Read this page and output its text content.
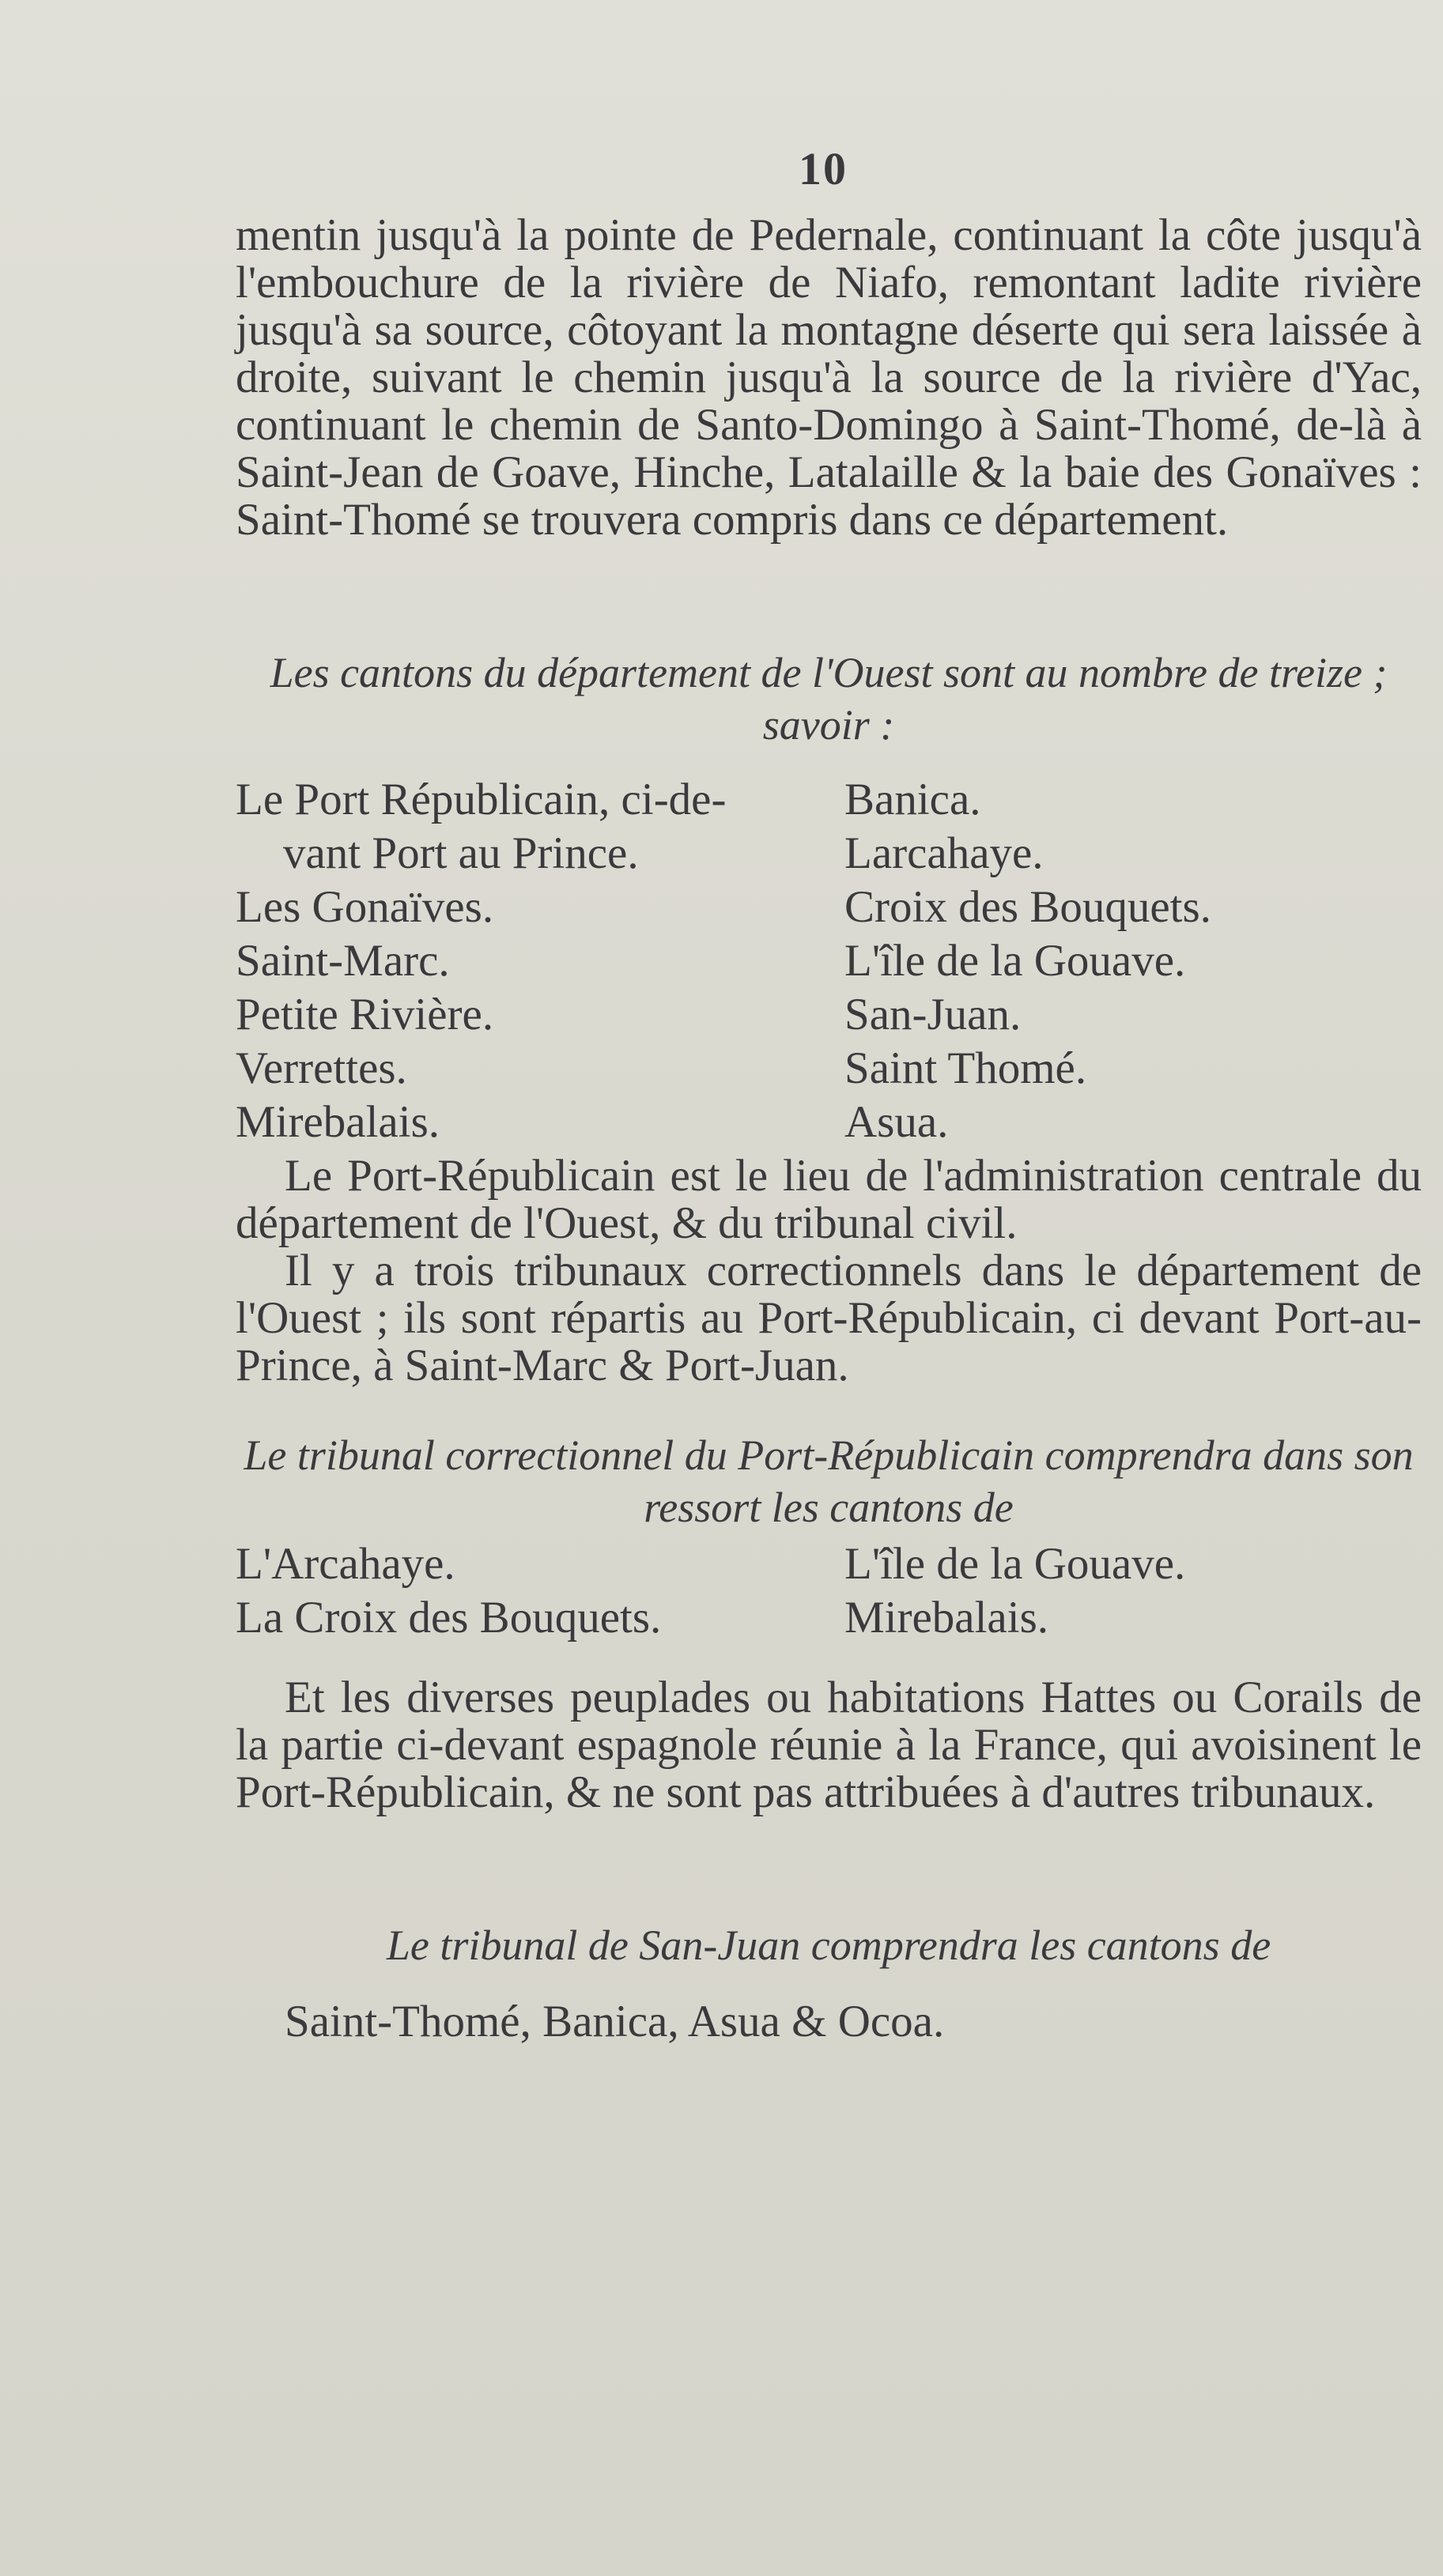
10

mentin jusqu'à la pointe de Pedernale, continuant la côte jusqu'à l'embouchure de la rivière de Niafo, remontant ladite rivière jusqu'à sa source, côtoyant la montagne déserte qui sera laissée à droite, suivant le chemin jusqu'à la source de la rivière d'Yac, continuant le chemin de Santo-Domingo à Saint-Thomé, de-là à Saint-Jean de Goave, Hinche, Latalaille & la baie des Gonaïves : Saint-Thomé se trouvera compris dans ce département.

Les cantons du département de l'Ouest sont au nombre de treize ; savoir :

Le Port Républicain, ci-de-

vant Port au Prince.

Les Gonaïves.

Saint-Marc.

Petite Rivière.

Verrettes.

Mirebalais.

Banica.

Larcahaye.

Croix des Bouquets.

L'île de la Gouave.

San-Juan.

Saint Thomé.

Asua.

Le Port-Républicain est le lieu de l'administration centrale du département de l'Ouest, & du tribunal civil.

Il y a trois tribunaux correctionnels dans le département de l'Ouest ; ils sont répartis au Port-Républicain, ci devant Port-au-Prince, à Saint-Marc & Port-Juan.

Le tribunal correctionnel du Port-Républicain comprendra dans son ressort les cantons de

L'Arcahaye.

La Croix des Bouquets.

L'île de la Gouave.

Mirebalais.

Et les diverses peuplades ou habitations Hattes ou Corails de la partie ci-devant espagnole réunie à la France, qui avoisinent le Port-Républicain, & ne sont pas attribuées à d'autres tribunaux.

Le tribunal de San-Juan comprendra les cantons de

Saint-Thomé, Banica, Asua & Ocoa.
